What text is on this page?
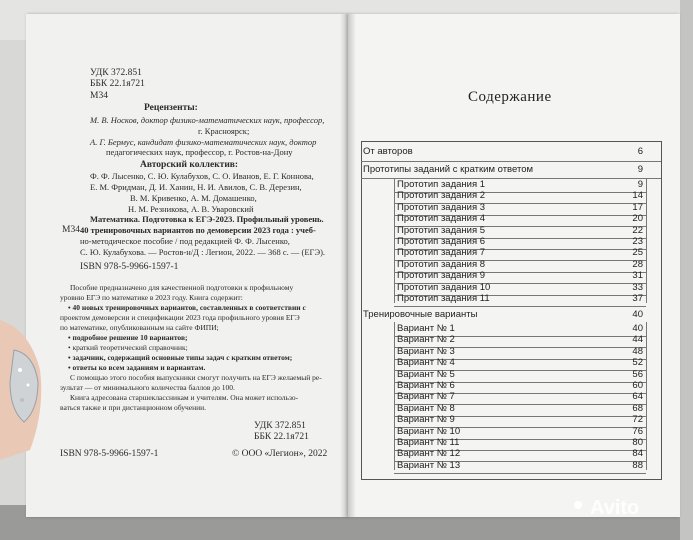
УДК 372.851
ББК 22.1я721
М34
Рецензенты:
М. В. Носков, доктор физико-математических наук, профессор,
г. Красноярск;
А. Г. Бермус, кандидат физико-математических наук, доктор
педагогических наук, профессор, г. Ростов-на-Дону
Авторский коллектив:
Ф. Ф. Лысенко, С. Ю. Кулабухов, С. О. Иванов, Е. Г. Коннова,
Е. М. Фридман, Д. И. Ханин, Н. И. Авилов, С. В. Дерезин,
В. М. Кривенко, А. М. Домашенко,
Н. М. Резникова, А. В. Уваровский
М34
Математика. Подготовка к ЕГЭ-2023. Профильный уровень.
40 тренировочных вариантов по демоверсии 2023 года : учеб-
но-методическое пособие / под редакцией Ф. Ф. Лысенко,
С. Ю. Кулабухова. — Ростов-н/Д : Легион, 2022. — 368 с. — (ЕГЭ).
ISBN 978-5-9966-1597-1
Пособие предназначено для качественной подготовки к профильному
уровню ЕГЭ по математике в 2023 году. Книга содержит:
• 40 новых тренировочных вариантов, составленных в соответствии с
проектом демоверсии и спецификации 2023 года профильного уровня ЕГЭ
по математике, опубликованным на сайте ФИПИ;
• подробное решение 10 вариантов;
• краткий теоретический справочник;
• задачник, содержащий основные типы задач с кратким ответом;
• ответы ко всем заданиям и вариантам.
С помощью этого пособия выпускники смогут получить на ЕГЭ желаемый ре-
зультат — от минимального количества баллов до 100.
Книга адресована старшеклассникам и учителям. Она может использо-
ваться также и при дистанционном обучении.
УДК 372.851
ББК 22.1я721
ISBN 978-5-9966-1597-1	© ООО «Легион», 2022
Содержание
От авторов	6
Прототипы заданий с кратким ответом	9
Прототип задания 1	9
Прототип задания 2	14
Прототип задания 3	17
Прототип задания 4	20
Прототип задания 5	22
Прототип задания 6	23
Прототип задания 7	25
Прототип задания 8	28
Прототип задания 9	31
Прототип задания 10	33
Прототип задания 11	37
Тренировочные варианты	40
Вариант № 1	40
Вариант № 2	44
Вариант № 3	48
Вариант № 4	52
Вариант № 5	56
Вариант № 6	60
Вариант № 7	64
Вариант № 8	68
Вариант № 9	72
Вариант № 10	76
Вариант № 11	80
Вариант № 12	84
Вариант № 13	88
Avito
